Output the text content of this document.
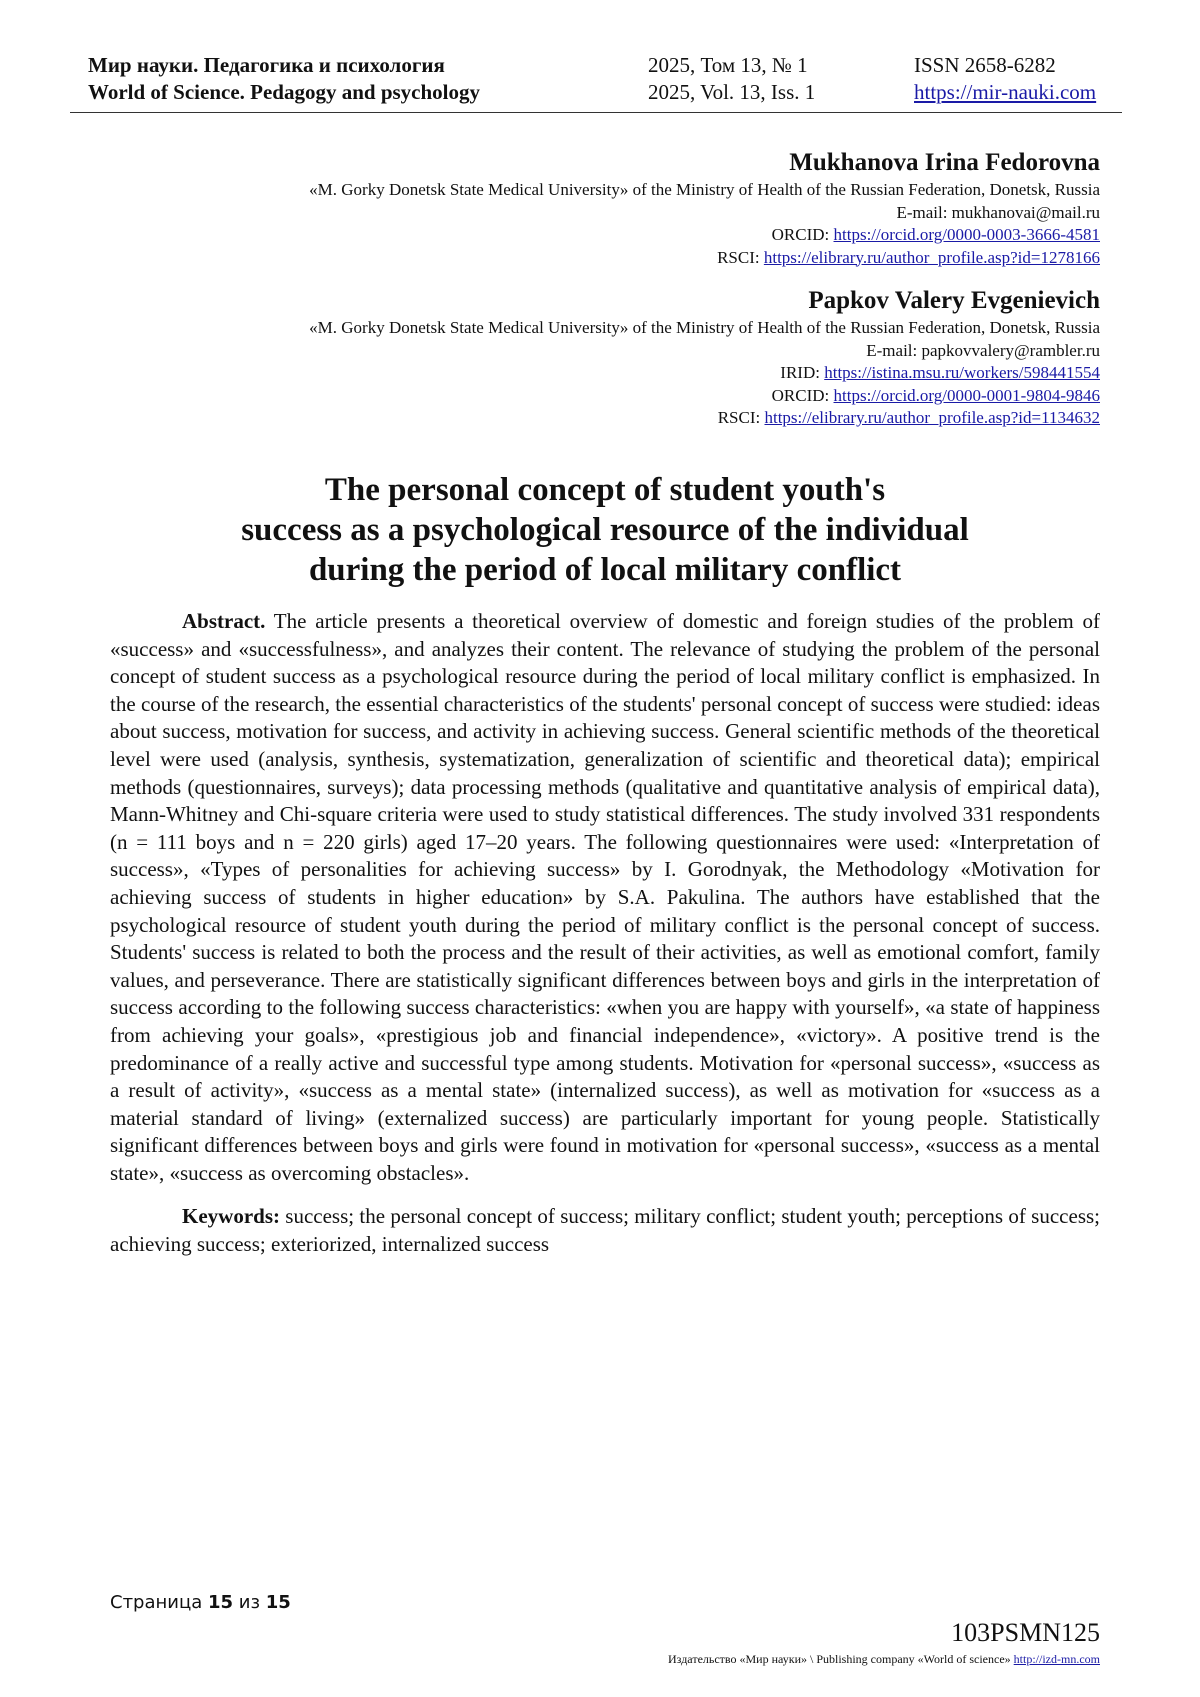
Мир науки. Педагогика и психология
World of Science. Pedagogy and psychology
2025, Том 13, № 1
2025, Vol. 13, Iss. 1
ISSN 2658-6282
https://mir-nauki.com
Mukhanova Irina Fedorovna
«M. Gorky Donetsk State Medical University» of the Ministry of Health of the Russian Federation, Donetsk, Russia
E-mail: mukhanovai@mail.ru
ORCID: https://orcid.org/0000-0003-3666-4581
RSCI: https://elibrary.ru/author_profile.asp?id=1278166
Papkov Valery Evgenievich
«M. Gorky Donetsk State Medical University» of the Ministry of Health of the Russian Federation, Donetsk, Russia
E-mail: papkovvalery@rambler.ru
IRID: https://istina.msu.ru/workers/598441554
ORCID: https://orcid.org/0000-0001-9804-9846
RSCI: https://elibrary.ru/author_profile.asp?id=1134632
The personal concept of student youth's
success as a psychological resource of the individual
during the period of local military conflict

Abstract. The article presents a theoretical overview of domestic and foreign studies of the problem of «success» and «successfulness», and analyzes their content. The relevance of studying the problem of the personal concept of student success as a psychological resource during the period of local military conflict is emphasized. In the course of the research, the essential characteristics of the students' personal concept of success were studied: ideas about success, motivation for success, and activity in achieving success. General scientific methods of the theoretical level were used (analysis, synthesis, systematization, generalization of scientific and theoretical data); empirical methods (questionnaires, surveys); data processing methods (qualitative and quantitative analysis of empirical data), Mann-Whitney and Chi-square criteria were used to study statistical differences. The study involved 331 respondents (n = 111 boys and n = 220 girls) aged 17–20 years. The following questionnaires were used: «Interpretation of success», «Types of personalities for achieving success» by I. Gorodnyak, the Methodology «Motivation for achieving success of students in higher education» by S.A. Pakulina. The authors have established that the psychological resource of student youth during the period of military conflict is the personal concept of success. Students' success is related to both the process and the result of their activities, as well as emotional comfort, family values, and perseverance. There are statistically significant differences between boys and girls in the interpretation of success according to the following success characteristics: «when you are happy with yourself», «a state of happiness from achieving your goals», «prestigious job and financial independence», «victory». A positive trend is the predominance of a really active and successful type among students. Motivation for «personal success», «success as a result of activity», «success as a mental state» (internalized success), as well as motivation for «success as a material standard of living» (externalized success) are particularly important for young people. Statistically significant differences between boys and girls were found in motivation for «personal success», «success as a mental state», «success as overcoming obstacles».

Keywords: success; the personal concept of success; military conflict; student youth; perceptions of success; achieving success; exteriorized, internalized success

Страница 15 из 15
103PSMN125
Издательство «Мир науки» \ Publishing company «World of science» http://izd-mn.com
